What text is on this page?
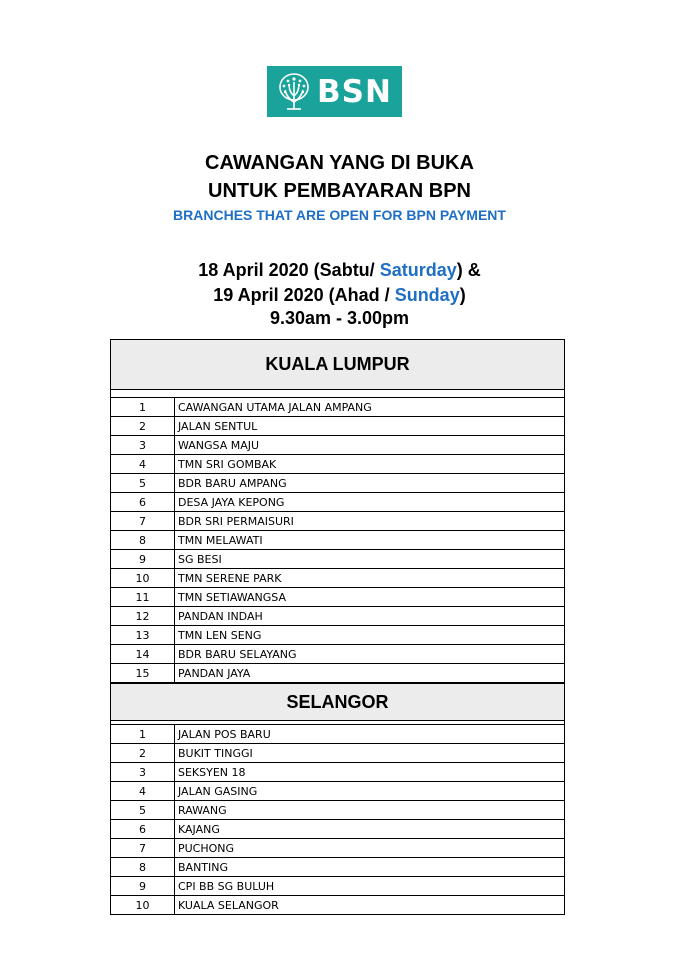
BSN
CAWANGAN YANG DI BUKA
UNTUK PEMBAYARAN BPN
BRANCHES THAT ARE OPEN FOR BPN PAYMENT
18 April 2020 (Sabtu/ Saturday) &
19 April 2020 (Ahad / Sunday)
9.30am - 3.00pm
KUALA LUMPUR
1	CAWANGAN UTAMA JALAN AMPANG
2	JALAN SENTUL
3	WANGSA MAJU
4	TMN SRI GOMBAK
5	BDR BARU AMPANG
6	DESA JAYA KEPONG
7	BDR SRI PERMAISURI
8	TMN MELAWATI
9	SG BESI
10	TMN SERENE PARK
11	TMN SETIAWANGSA
12	PANDAN INDAH
13	TMN LEN SENG
14	BDR BARU SELAYANG
15	PANDAN JAYA
SELANGOR
1	JALAN POS BARU
2	BUKIT TINGGI
3	SEKSYEN 18
4	JALAN GASING
5	RAWANG
6	KAJANG
7	PUCHONG
8	BANTING
9	CPI BB SG BULUH
10	KUALA SELANGOR
